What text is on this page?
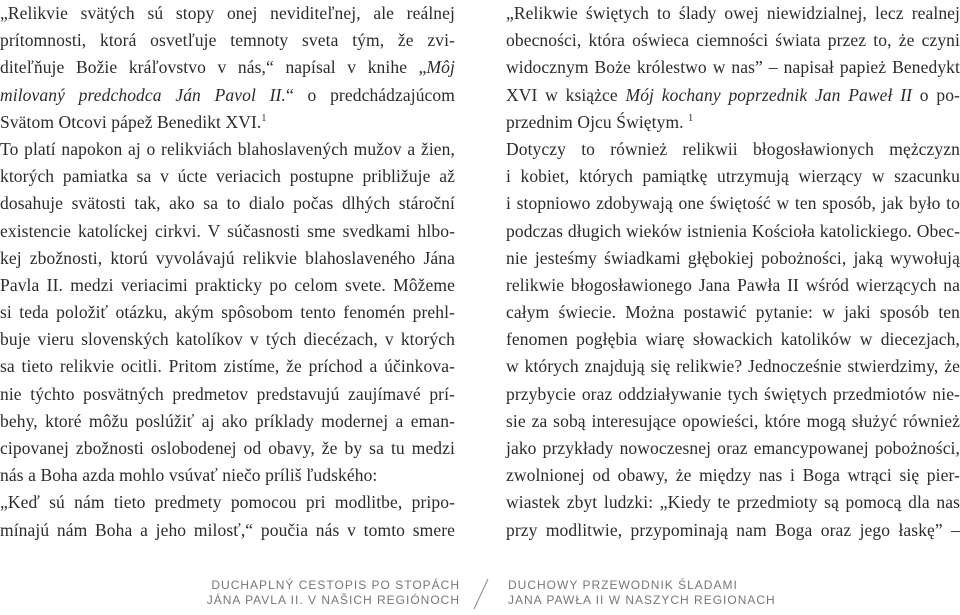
„Relikvie svätých sú stopy onej neviditeľnej, ale reálnej
prítomnosti, ktorá osvetľuje temnoty sveta tým, že zvi-
diteľňuje Božie kráľovstvo v nás,“ napísal v knihe „Môj
milovaný predchodca Ján Pavol II.“ o predchádzajúcom
Svätom Otcovi pápež Benedikt XVI.$^1$
To platí napokon aj o relikviách blahoslavených mužov a žien,
ktorých pamiatka sa v úcte veriacich postupne približuje až
dosahuje svätosti tak, ako sa to dialo počas dlhých stároční
existencie katolíckej cirkvi. V súčasnosti sme svedkami hlbo-
kej zbožnosti, ktorú vyvolávajú relikvie blahoslaveného Jána
Pavla II. medzi veriacimi prakticky po celom svete. Môžeme
si teda položiť otázku, akým spôsobom tento fenomén prehl-
buje vieru slovenských katolíkov v tých diecézach, v ktorých
sa tieto relikvie ocitli. Pritom zistíme, že príchod a účinkova-
nie týchto posvätných predmetov predstavujú zaujímavé prí-
behy, ktoré môžu poslúžiť aj ako príklady modernej a eman-
cipovanej zbožnosti oslobodenej od obavy, že by sa tu medzi
nás a Boha azda mohlo vsúvať niečo príliš ľudského:
„Keď sú nám tieto predmety pomocou pri modlitbe, pripo-
mínajú nám Boha a jeho milosť,“ poučia nás v tomto smere
„Relikwie świętych to ślady owej niewidzialnej, lecz realnej
obecności, która oświeca ciemności świata przez to, że czyni
widocznym Boże królestwo w nas” – napisał papież Benedykt
XVI w książce Mój kochany poprzednik Jan Paweł II o po-
przednim Ojcu Świętym. $^1$
Dotyczy to również relikwii błogosławionych mężczyzn
i kobiet, których pamiątkę utrzymują wierzący w szacunku
i stopniowo zdobywają one świętość w ten sposób, jak było to
podczas długich wieków istnienia Kościoła katolickiego. Obec-
nie jesteśmy świadkami głębokiej pobożności, jaką wywołują
relikwie błogosławionego Jana Pawła II wśród wierzących na
całym świecie. Można postawić pytanie: w jaki sposób ten
fenomen pogłębia wiarę słowackich katolików w diecezjach,
w których znajdują się relikwie? Jednocześnie stwierdzimy, że
przybycie oraz oddziaływanie tych świętych przedmiotów nie-
sie za sobą interesujące opowieści, które mogą służyć również
jako przykłady nowoczesnej oraz emancypowanej pobożności,
zwolnionej od obawy, że między nas i Boga wtrąci się pier-
wiastek zbyt ludzki: „Kiedy te przedmioty są pomocą dla nas
przy modlitwie, przypominają nam Boga oraz jego łaskę” –
DUCHAPLNÝ CESTOPIS PO STOPÁCH
JÁNA PAVLA II. V NAŠICH REGIÓNOCH
DUCHOWY PRZEWODNIK ŚLADAMI
JANA PAWŁA II W NASZYCH REGIONACH
